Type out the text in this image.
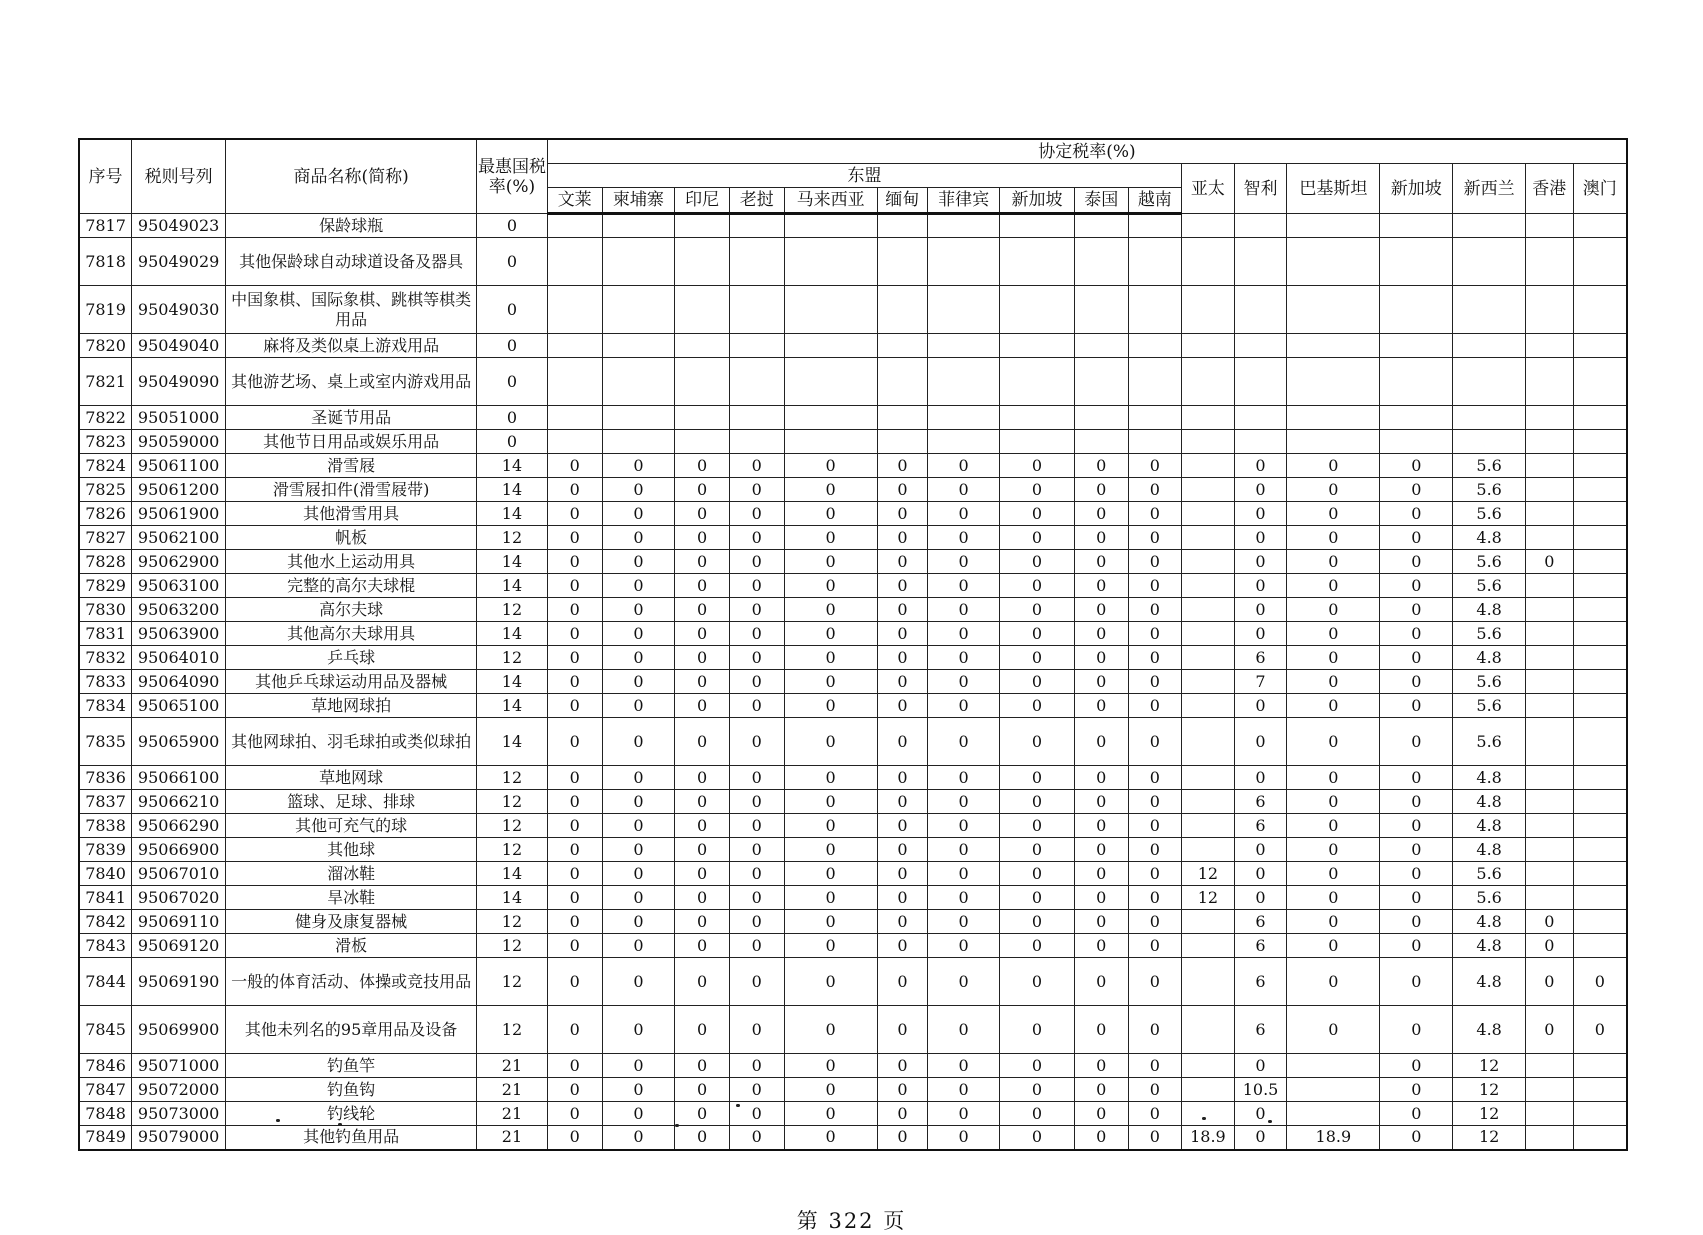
序号	税则号列	商品名称(简称)	最惠国税率(%)	协定税率(%)																
				东盟										亚太	智利	巴基斯坦	新加坡	新西兰	香港	澳门
				文莱	柬埔寨	印尼	老挝	马来西亚	缅甸	菲律宾	新加坡	泰国	越南							
7817	95049023	保龄球瓶	0																	
7818	95049029	其他保龄球自动球道设备及器具	0																	
7819	95049030	中国象棋、国际象棋、跳棋等棋类用品	0																	
7820	95049040	麻将及类似桌上游戏用品	0																	
7821	95049090	其他游艺场、桌上或室内游戏用品	0																	
7822	95051000	圣诞节用品	0																	
7823	95059000	其他节日用品或娱乐用品	0																	
7824	95061100	滑雪屐	14	0	0	0	0	0	0	0	0	0	0		0	0	0	5.6		
7825	95061200	滑雪屐扣件(滑雪屐带)	14	0	0	0	0	0	0	0	0	0	0		0	0	0	5.6		
7826	95061900	其他滑雪用具	14	0	0	0	0	0	0	0	0	0	0		0	0	0	5.6		
7827	95062100	帆板	12	0	0	0	0	0	0	0	0	0	0		0	0	0	4.8		
7828	95062900	其他水上运动用具	14	0	0	0	0	0	0	0	0	0	0		0	0	0	5.6	0	
7829	95063100	完整的高尔夫球棍	14	0	0	0	0	0	0	0	0	0	0		0	0	0	5.6		
7830	95063200	高尔夫球	12	0	0	0	0	0	0	0	0	0	0		0	0	0	4.8		
7831	95063900	其他高尔夫球用具	14	0	0	0	0	0	0	0	0	0	0		0	0	0	5.6		
7832	95064010	乒乓球	12	0	0	0	0	0	0	0	0	0	0		6	0	0	4.8		
7833	95064090	其他乒乓球运动用品及器械	14	0	0	0	0	0	0	0	0	0	0		7	0	0	5.6		
7834	95065100	草地网球拍	14	0	0	0	0	0	0	0	0	0	0		0	0	0	5.6		
7835	95065900	其他网球拍、羽毛球拍或类似球拍	14	0	0	0	0	0	0	0	0	0	0		0	0	0	5.6		
7836	95066100	草地网球	12	0	0	0	0	0	0	0	0	0	0		0	0	0	4.8		
7837	95066210	篮球、足球、排球	12	0	0	0	0	0	0	0	0	0	0		6	0	0	4.8		
7838	95066290	其他可充气的球	12	0	0	0	0	0	0	0	0	0	0		6	0	0	4.8		
7839	95066900	其他球	12	0	0	0	0	0	0	0	0	0	0		0	0	0	4.8		
7840	95067010	溜冰鞋	14	0	0	0	0	0	0	0	0	0	0	12	0	0	0	5.6		
7841	95067020	旱冰鞋	14	0	0	0	0	0	0	0	0	0	0	12	0	0	0	5.6		
7842	95069110	健身及康复器械	12	0	0	0	0	0	0	0	0	0	0		6	0	0	4.8	0	
7843	95069120	滑板	12	0	0	0	0	0	0	0	0	0	0		6	0	0	4.8	0	
7844	95069190	一般的体育活动、体操或竞技用品	12	0	0	0	0	0	0	0	0	0	0		6	0	0	4.8	0	0
7845	95069900	其他未列名的95章用品及设备	12	0	0	0	0	0	0	0	0	0	0		6	0	0	4.8	0	0
7846	95071000	钓鱼竿	21	0	0	0	0	0	0	0	0	0	0		0		0	12		
7847	95072000	钓鱼钩	21	0	0	0	0	0	0	0	0	0	0		10.5		0	12		
7848	95073000	钓线轮	21	0	0	0	0	0	0	0	0	0	0		0		0	12		
7849	95079000	其他钓鱼用品	21	0	0	0	0	0	0	0	0	0	0	18.9	0	18.9	0	12		
第 322 页
